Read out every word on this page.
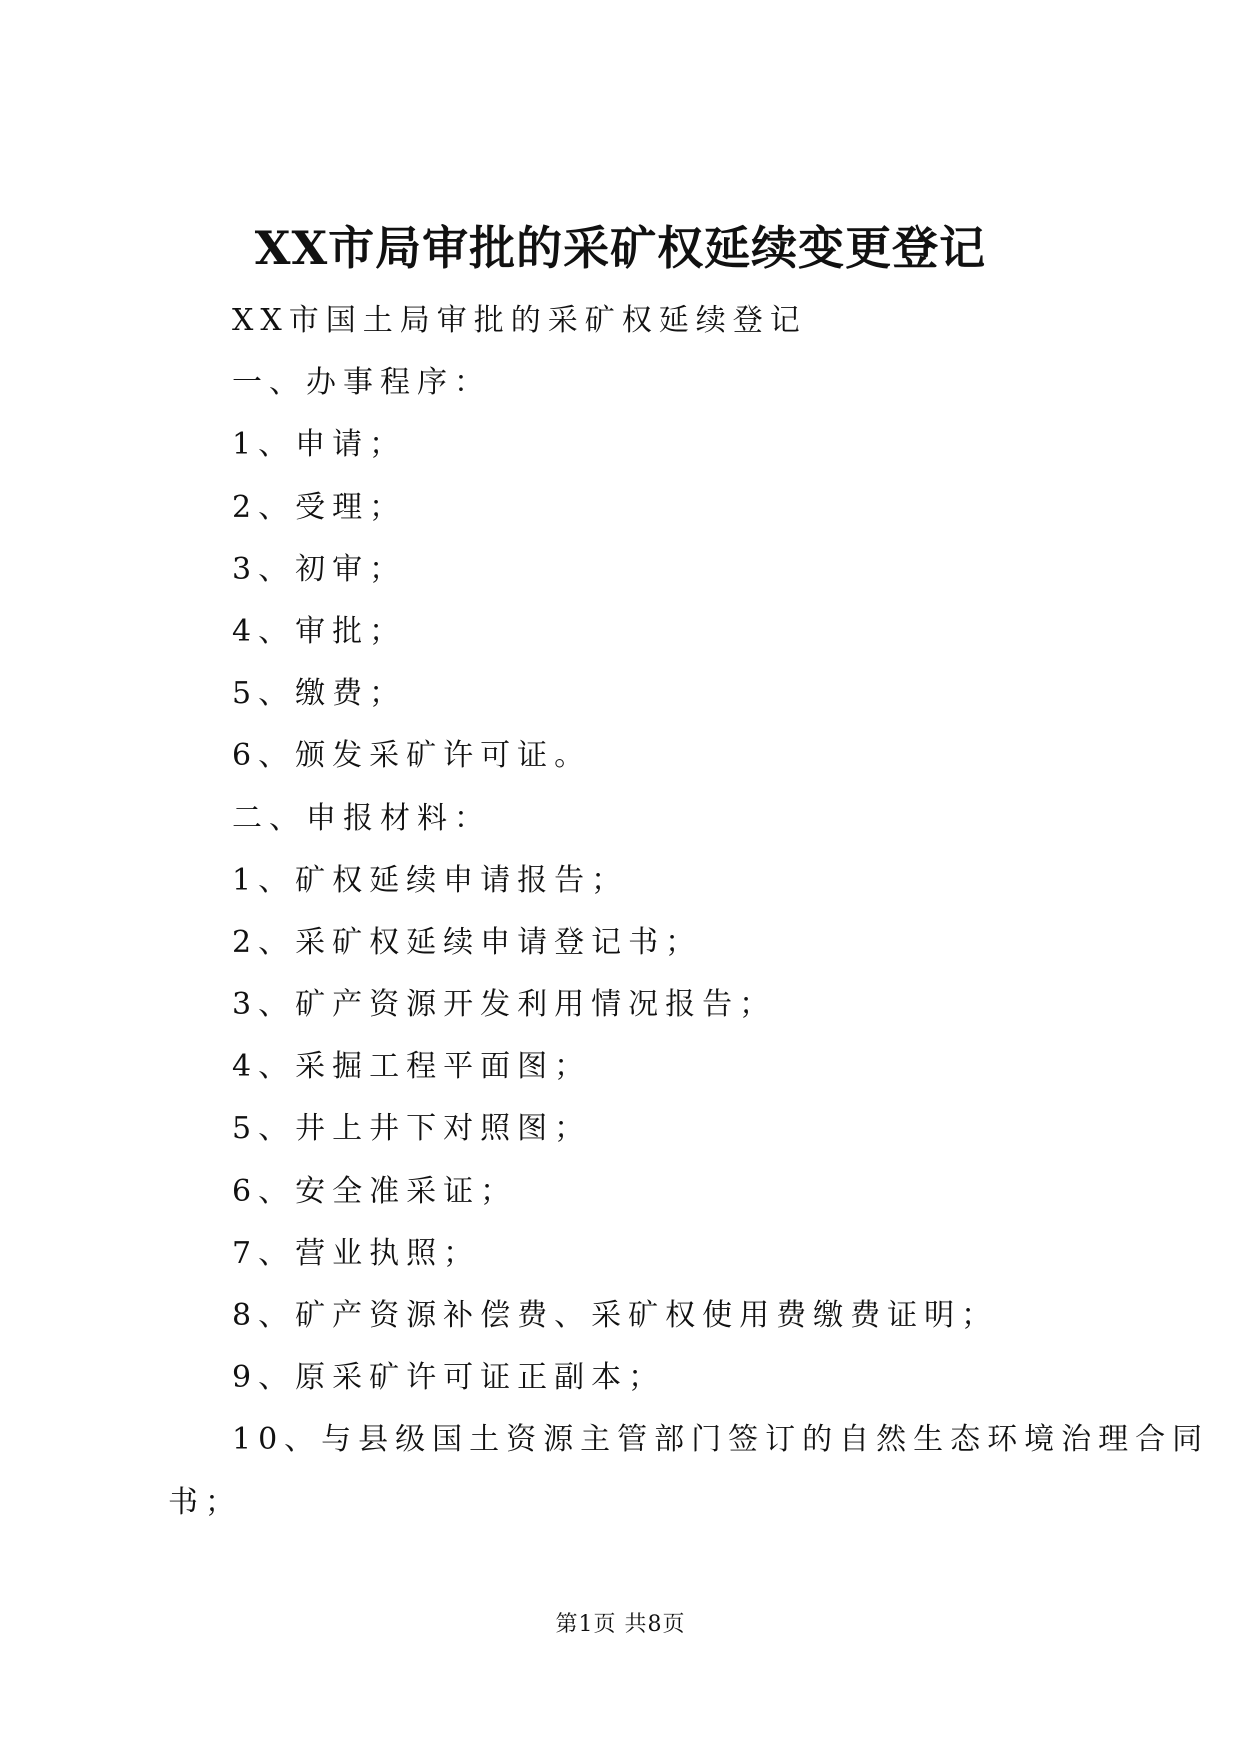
XX市局审批的采矿权延续变更登记
XX市国土局审批的采矿权延续登记
一、办事程序：
1、申请；
2、受理；
3、初审；
4、审批；
5、缴费；
6、颁发采矿许可证。
二、申报材料：
1、矿权延续申请报告；
2、采矿权延续申请登记书；
3、矿产资源开发利用情况报告；
4、采掘工程平面图；
5、井上井下对照图；
6、安全准采证；
7、营业执照；
8、矿产资源补偿费、采矿权使用费缴费证明；
9、原采矿许可证正副本；
10、与县级国土资源主管部门签订的自然生态环境治理合同
书；
第1页 共8页
